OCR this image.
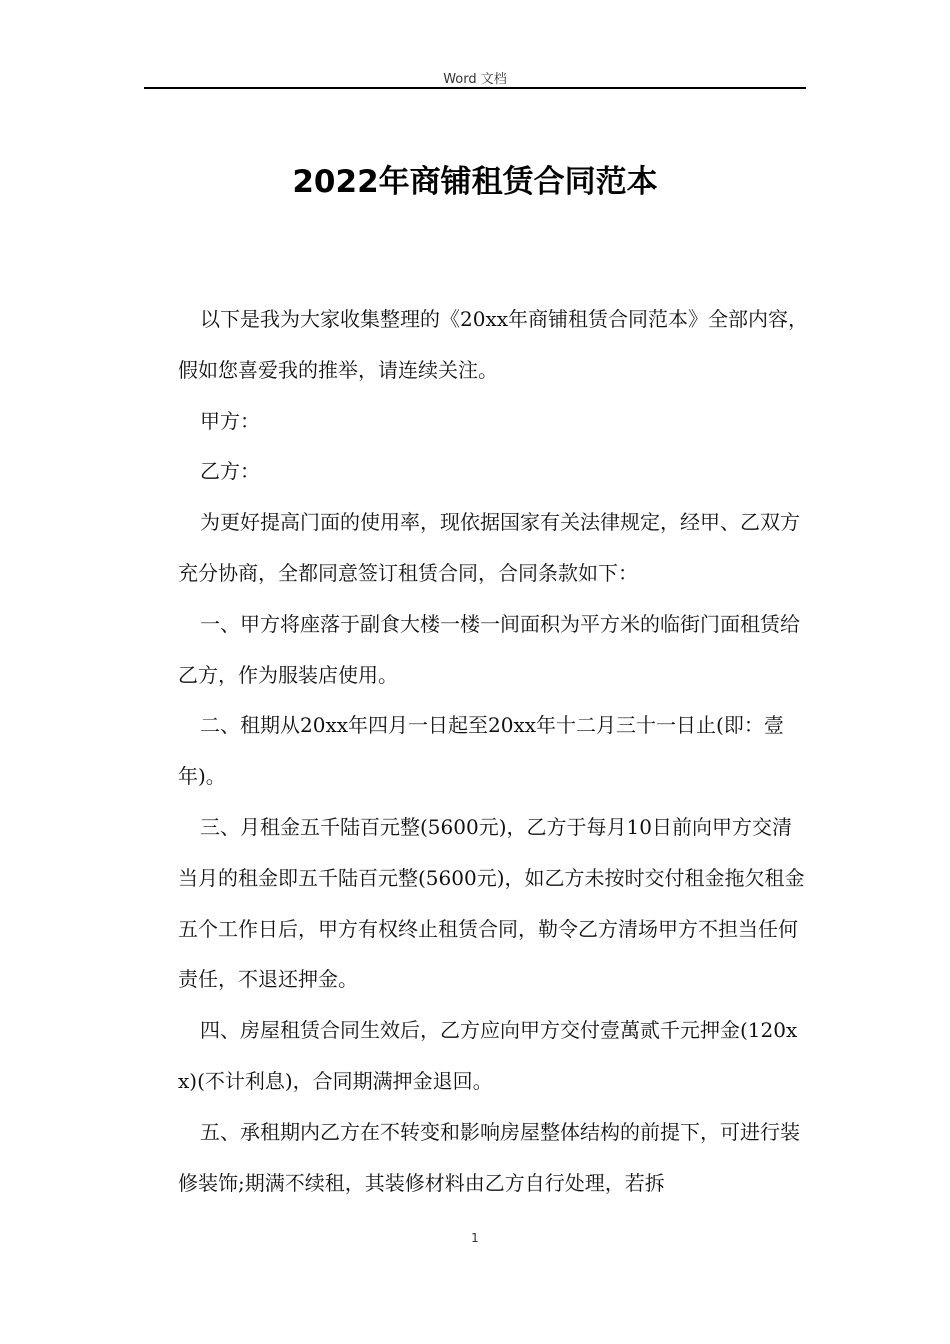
Word 文档
2022年商铺租赁合同范本

以下是我为大家收集整理的《20xx年商铺租赁合同范本》全部内容，假如您喜爱我的推举，请连续关注。

甲方：

乙方：

为更好提高门面的使用率，现依据国家有关法律规定，经甲、乙双方充分协商，全都同意签订租赁合同，合同条款如下：

一、甲方将座落于副食大楼一楼一间面积为平方米的临街门面租赁给乙方，作为服装店使用。

二、租期从20xx年四月一日起至20xx年十二月三十一日止(即：壹年)。

三、月租金五千陆百元整(5600元)，乙方于每月10日前向甲方交清当月的租金即五千陆百元整(5600元)，如乙方未按时交付租金拖欠租金五个工作日后，甲方有权终止租赁合同，勒令乙方清场甲方不担当任何责任，不退还押金。

四、房屋租赁合同生效后，乙方应向甲方交付壹萬贰千元押金(120xx)(不计利息)，合同期满押金退回。

五、承租期内乙方在不转变和影响房屋整体结构的前提下，可进行装修装饰;期满不续租，其装修材料由乙方自行处理，若拆

1
